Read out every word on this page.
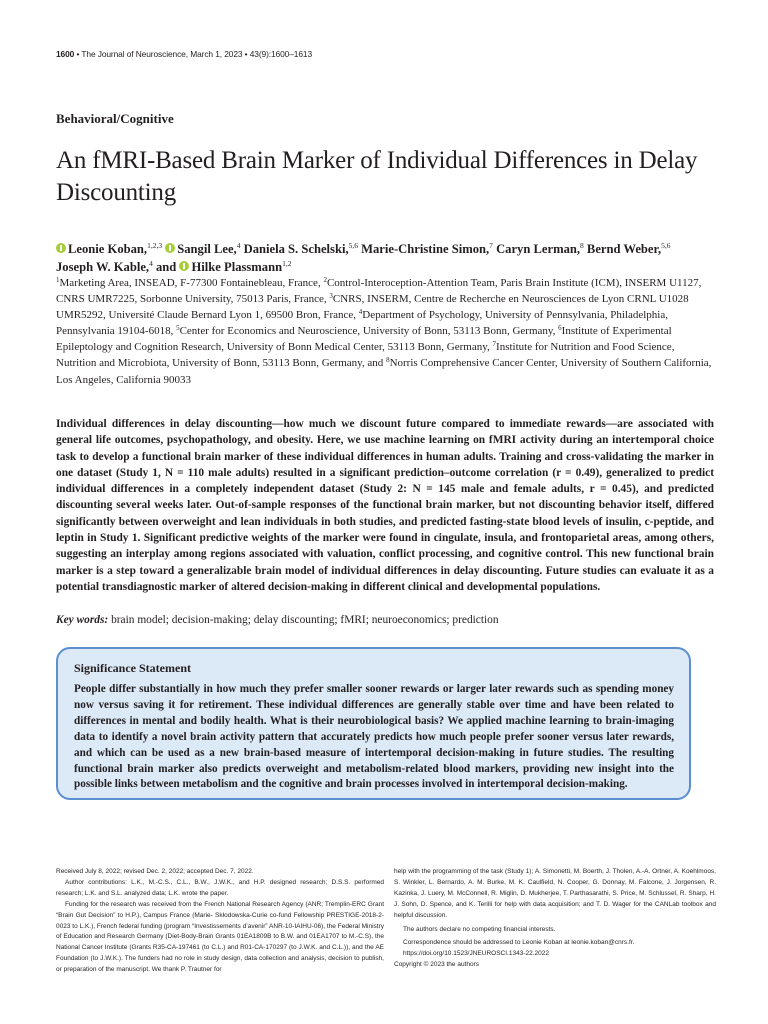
1600 • The Journal of Neuroscience, March 1, 2023 • 43(9):1600–1613
Behavioral/Cognitive
An fMRI-Based Brain Marker of Individual Differences in Delay Discounting
Leonie Koban,$^{1,2,3}$ Sangil Lee,$^4$ Daniela S. Schelski,$^{5,6}$ Marie-Christine Simon,$^7$ Caryn Lerman,$^8$ Bernd Weber,$^{5,6}$ Joseph W. Kable,$^4$ and Hilke Plassmann$^{1,2}$
$^1$Marketing Area, INSEAD, F-77300 Fontainebleau, France, $^2$Control-Interoception-Attention Team, Paris Brain Institute (ICM), INSERM U1127, CNRS UMR7225, Sorbonne University, 75013 Paris, France, $^3$CNRS, INSERM, Centre de Recherche en Neurosciences de Lyon CRNL U1028 UMR5292, Université Claude Bernard Lyon 1, 69500 Bron, France, $^4$Department of Psychology, University of Pennsylvania, Philadelphia, Pennsylvania 19104-6018, $^5$Center for Economics and Neuroscience, University of Bonn, 53113 Bonn, Germany, $^6$Institute of Experimental Epileptology and Cognition Research, University of Bonn Medical Center, 53113 Bonn, Germany, $^7$Institute for Nutrition and Food Science, Nutrition and Microbiota, University of Bonn, 53113 Bonn, Germany, and $^8$Norris Comprehensive Cancer Center, University of Southern California, Los Angeles, California 90033

Individual differences in delay discounting—how much we discount future compared to immediate rewards—are associated with general life outcomes, psychopathology, and obesity. Here, we use machine learning on fMRI activity during an intertemporal choice task to develop a functional brain marker of these individual differences in human adults. Training and cross-validating the marker in one dataset (Study 1, N = 110 male adults) resulted in a significant prediction–outcome correlation (r = 0.49), generalized to predict individual differences in a completely independent dataset (Study 2: N = 145 male and female adults, r = 0.45), and predicted discounting several weeks later. Out-of-sample responses of the functional brain marker, but not discounting behavior itself, differed significantly between overweight and lean individuals in both studies, and predicted fasting-state blood levels of insulin, c-peptide, and leptin in Study 1. Significant predictive weights of the marker were found in cingulate, insula, and frontoparietal areas, among others, suggesting an interplay among regions associated with valuation, conflict processing, and cognitive control. This new functional brain marker is a step toward a generalizable brain model of individual differences in delay discounting. Future studies can evaluate it as a potential transdiagnostic marker of altered decision-making in different clinical and developmental populations.

Key words: brain model; decision-making; delay discounting; fMRI; neuroeconomics; prediction
Significance Statement

People differ substantially in how much they prefer smaller sooner rewards or larger later rewards such as spending money now versus saving it for retirement. These individual differences are generally stable over time and have been related to differences in mental and bodily health. What is their neurobiological basis? We applied machine learning to brain-imaging data to identify a novel brain activity pattern that accurately predicts how much people prefer sooner versus later rewards, and which can be used as a new brain-based measure of intertemporal decision-making in future studies. The resulting functional brain marker also predicts overweight and metabolism-related blood markers, providing new insight into the possible links between metabolism and the cognitive and brain processes involved in intertemporal decision-making.

Received July 8, 2022; revised Dec. 2, 2022; accepted Dec. 7, 2022.

Author contributions: L.K., M.-C.S., C.L., B.W., J.W.K., and H.P. designed research; D.S.S. performed research; L.K. and S.L. analyzed data; L.K. wrote the paper.

Funding for the research was received from the French National Research Agency (ANR; Tremplin-ERC Grant “Brain Gut Decision” to H.P.), Campus France (Marie- Skłodowska-Curie co-fund Fellowship PRESTIGE-2018-2-0023 to L.K.), French federal funding (program “Investissements d’avenir” ANR-10-IAIHU-06), the Federal Ministry of Education and Research Germany (Diet-Body-Brain Grants 01EA1809B to B.W. and 01EA1707 to M.-C.S), the National Cancer Institute (Grants R35-CA-197461 (to C.L.) and R01-CA-170297 (to J.W.K. and C.L.)), and the AE Foundation (to J.W.K.). The funders had no role in study design, data collection and analysis, decision to publish, or preparation of the manuscript. We thank P. Trautner for

help with the programming of the task (Study 1); A. Simonetti, M. Boerth, J. Tholen, A.-A. Ortner, A. Koehlmoos, S. Winkler, L. Bernardo, A. M. Burke, M. K. Caulfield, N. Cooper, G. Donnay, M. Falcone, J. Jorgensen, R. Kazinka, J. Luery, M. McConnell, R. Miglin, D. Mukherjee, T. Parthasarathi, S. Price, M. Schlussel, R. Sharp, H. J. Sohn, D. Spence, and K. Terilli for help with data acquisition; and T. D. Wager for the CANLab toolbox and helpful discussion.

The authors declare no competing financial interests.

Correspondence should be addressed to Leonie Koban at leonie.koban@cnrs.fr.

https://doi.org/10.1523/JNEUROSCI.1343-22.2022

Copyright © 2023 the authors
